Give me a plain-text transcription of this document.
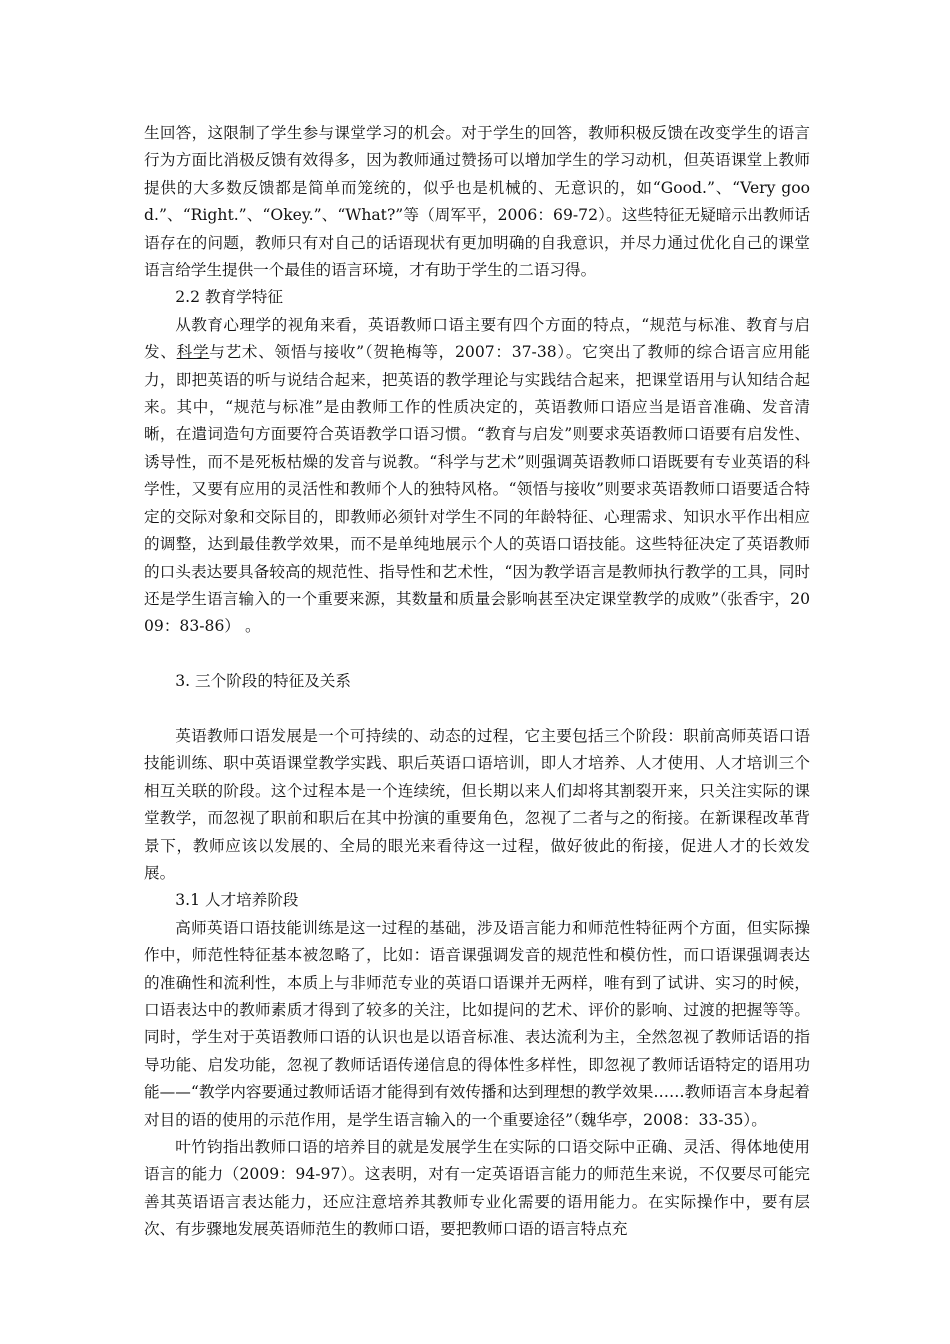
生回答，这限制了学生参与课堂学习的机会。对于学生的回答，教师积极反馈在改变学生的语言行为方面比消极反馈有效得多，因为教师通过赞扬可以增加学生的学习动机，但英语课堂上教师提供的大多数反馈都是简单而笼统的，似乎也是机械的、无意识的，如“Good.”、“Very good.”、“Right.”、“Okey.”、“What?”等（周军平，2006：69-72）。这些特征无疑暗示出教师话语存在的问题，教师只有对自己的话语现状有更加明确的自我意识，并尽力通过优化自己的课堂语言给学生提供一个最佳的语言环境，才有助于学生的二语习得。

2.2 教育学特征

从教育心理学的视角来看，英语教师口语主要有四个方面的特点，“规范与标准、教育与启发、科学与艺术、领悟与接收”（贺艳梅等，2007：37-38）。它突出了教师的综合语言应用能力，即把英语的听与说结合起来，把英语的教学理论与实践结合起来，把课堂语用与认知结合起来。其中，“规范与标准”是由教师工作的性质决定的，英语教师口语应当是语音准确、发音清晰，在遣词造句方面要符合英语教学口语习惯。“教育与启发”则要求英语教师口语要有启发性、诱导性，而不是死板枯燥的发音与说教。“科学与艺术”则强调英语教师口语既要有专业英语的科学性，又要有应用的灵活性和教师个人的独特风格。“领悟与接收”则要求英语教师口语要适合特定的交际对象和交际目的，即教师必须针对学生不同的年龄特征、心理需求、知识水平作出相应的调整，达到最佳教学效果，而不是单纯地展示个人的英语口语技能。这些特征决定了英语教师的口头表达要具备较高的规范性、指导性和艺术性，“因为教学语言是教师执行教学的工具，同时还是学生语言输入的一个重要来源，其数量和质量会影响甚至决定课堂教学的成败”（张香宇，2009：83-86） 。

3. 三个阶段的特征及关系

英语教师口语发展是一个可持续的、动态的过程，它主要包括三个阶段：职前高师英语口语技能训练、职中英语课堂教学实践、职后英语口语培训，即人才培养、人才使用、人才培训三个相互关联的阶段。这个过程本是一个连续统，但长期以来人们却将其割裂开来，只关注实际的课堂教学，而忽视了职前和职后在其中扮演的重要角色，忽视了二者与之的衔接。在新课程改革背景下，教师应该以发展的、全局的眼光来看待这一过程，做好彼此的衔接，促进人才的长效发展。

3.1 人才培养阶段

高师英语口语技能训练是这一过程的基础，涉及语言能力和师范性特征两个方面，但实际操作中，师范性特征基本被忽略了，比如：语音课强调发音的规范性和模仿性，而口语课强调表达的准确性和流利性，本质上与非师范专业的英语口语课并无两样，唯有到了试讲、实习的时候，口语表达中的教师素质才得到了较多的关注，比如提问的艺术、评价的影响、过渡的把握等等。同时，学生对于英语教师口语的认识也是以语音标准、表达流利为主，全然忽视了教师话语的指导功能、启发功能，忽视了教师话语传递信息的得体性多样性，即忽视了教师话语特定的语用功能——“教学内容要通过教师话语才能得到有效传播和达到理想的教学效果……教师语言本身起着对目的语的使用的示范作用，是学生语言输入的一个重要途径”（魏华亭，2008：33-35）。

叶竹钧指出教师口语的培养目的就是发展学生在实际的口语交际中正确、灵活、得体地使用语言的能力（2009：94-97）。这表明，对有一定英语语言能力的师范生来说，不仅要尽可能完善其英语语言表达能力，还应注意培养其教师专业化需要的语用能力。在实际操作中，要有层次、有步骤地发展英语师范生的教师口语，要把教师口语的语言特点充
